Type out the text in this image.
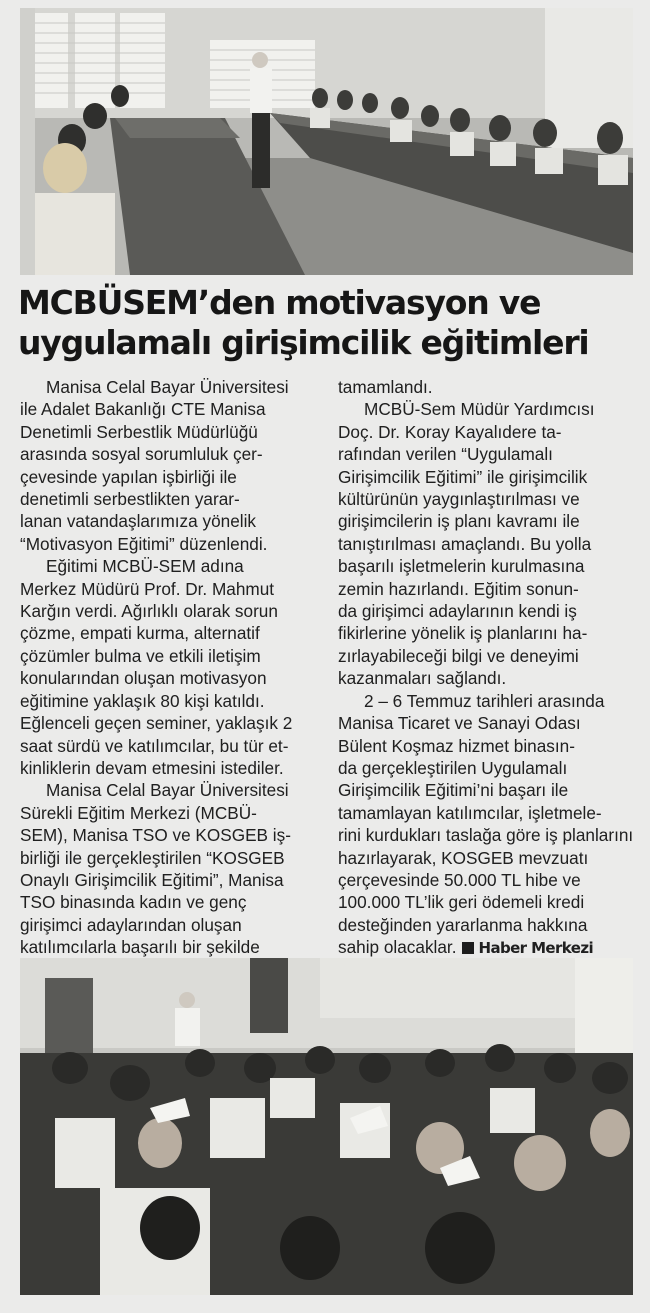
MCBÜSEM’den motivasyon ve
uygulamalı girişimcilik eğitimleri

Manisa Celal Bayar Üniversitesi
ile Adalet Bakanlığı CTE Manisa
Denetimli Serbestlik Müdürlüğü
arasında sosyal sorumluluk çer-
çevesinde yapılan işbirliği ile
denetimli serbestlikten yarar-
lanan vatandaşlarımıza yönelik
“Motivasyon Eğitimi” düzenlendi.

Eğitimi MCBÜ-SEM adına
Merkez Müdürü Prof. Dr. Mahmut
Karğın verdi. Ağırlıklı olarak sorun
çözme, empati kurma, alternatif
çözümler bulma ve etkili iletişim
konularından oluşan motivasyon
eğitimine yaklaşık 80 kişi katıldı.
Eğlenceli geçen seminer, yaklaşık 2
saat sürdü ve katılımcılar, bu tür et-
kinliklerin devam etmesini istediler.

Manisa Celal Bayar Üniversitesi
Sürekli Eğitim Merkezi (MCBÜ-
SEM), Manisa TSO ve KOSGEB iş-
birliği ile gerçekleştirilen “KOSGEB
Onaylı Girişimcilik Eğitimi”, Manisa
TSO binasında kadın ve genç
girişimci adaylarından oluşan
katılımcılarla başarılı bir şekilde

tamamlandı.

MCBÜ-Sem Müdür Yardımcısı
Doç. Dr. Koray Kayalıdere ta-
rafından verilen “Uygulamalı
Girişimcilik Eğitimi” ile girişimcilik
kültürünün yaygınlaştırılması ve
girişimcilerin iş planı kavramı ile
tanıştırılması amaçlandı. Bu yolla
başarılı işletmelerin kurulmasına
zemin hazırlandı. Eğitim sonun-
da girişimci adaylarının kendi iş
fikirlerine yönelik iş planlarını ha-
zırlayabileceği bilgi ve deneyimi
kazanmaları sağlandı.

2 – 6 Temmuz tarihleri arasında
Manisa Ticaret ve Sanayi Odası
Bülent Koşmaz hizmet binasın-
da gerçekleştirilen Uygulamalı
Girişimcilik Eğitimi’ni başarı ile
tamamlayan katılımcılar, işletmele-
rini kurdukları taslağa göre iş planlarını
hazırlayarak, KOSGEB mevzuatı
çerçevesinde 50.000 TL hibe ve
100.000 TL’lik geri ödemeli kredi
desteğinden yararlanma hakkına
sahip olacaklar. Haber Merkezi
